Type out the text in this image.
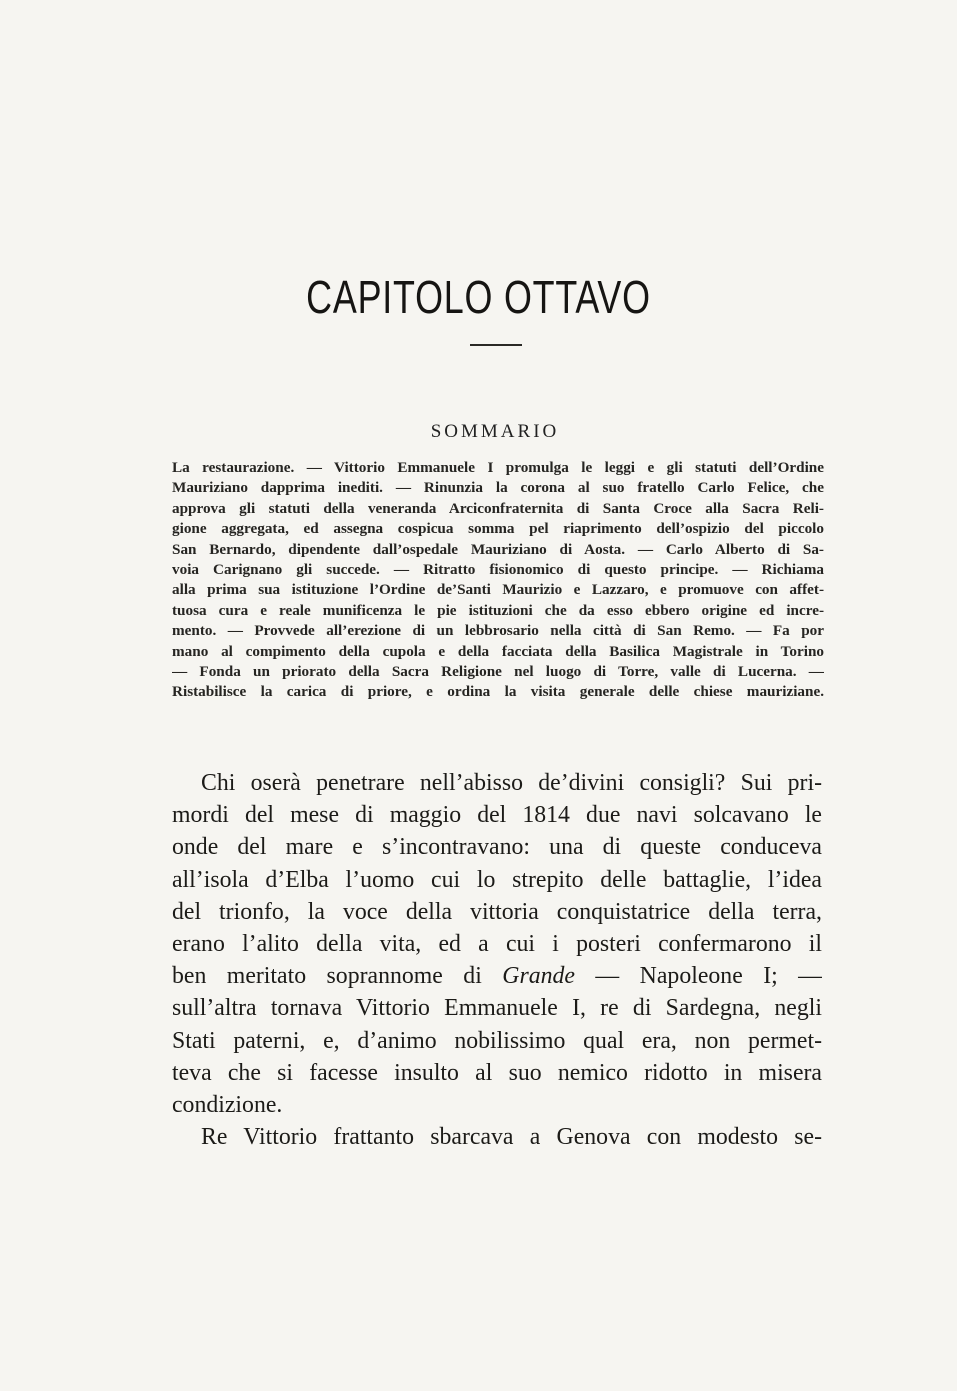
CAPITOLO OTTAVO
SOMMARIO
La restaurazione. — Vittorio Emmanuele I promulga le leggi e gli statuti dell’Ordine
Mauriziano dapprima inediti. — Rinunzia la corona al suo fratello Carlo Felice, che
approva gli statuti della veneranda Arciconfraternita di Santa Croce alla Sacra Reli-
gione aggregata, ed assegna cospicua somma pel riaprimento dell’ospizio del piccolo
San Bernardo, dipendente dall’ospedale Mauriziano di Aosta. — Carlo Alberto di Sa-
voia Carignano gli succede. — Ritratto fisionomico di questo principe. — Richiama
alla prima sua istituzione l’Ordine de’Santi Maurizio e Lazzaro, e promuove con affet-
tuosa cura e reale munificenza le pie istituzioni che da esso ebbero origine ed incre-
mento. — Provvede all’erezione di un lebbrosario nella città di San Remo. — Fa por
mano al compimento della cupola e della facciata della Basilica Magistrale in Torino
— Fonda un priorato della Sacra Religione nel luogo di Torre, valle di Lucerna. —
Ristabilisce la carica di priore, e ordina la visita generale delle chiese mauriziane.
Chi oserà penetrare nell’abisso de’divini consigli? Sui pri-
mordi del mese di maggio del 1814 due navi solcavano le
onde del mare e s’incontravano: una di queste conduceva
all’isola d’Elba l’uomo cui lo strepito delle battaglie, l’idea
del trionfo, la voce della vittoria conquistatrice della terra,
erano l’alito della vita, ed a cui i posteri confermarono il
ben meritato soprannome di Grande — Napoleone I; —
sull’altra tornava Vittorio Emmanuele I, re di Sardegna, negli
Stati paterni, e, d’animo nobilissimo qual era, non permet-
teva che si facesse insulto al suo nemico ridotto in misera
condizione.
Re Vittorio frattanto sbarcava a Genova con modesto se-
